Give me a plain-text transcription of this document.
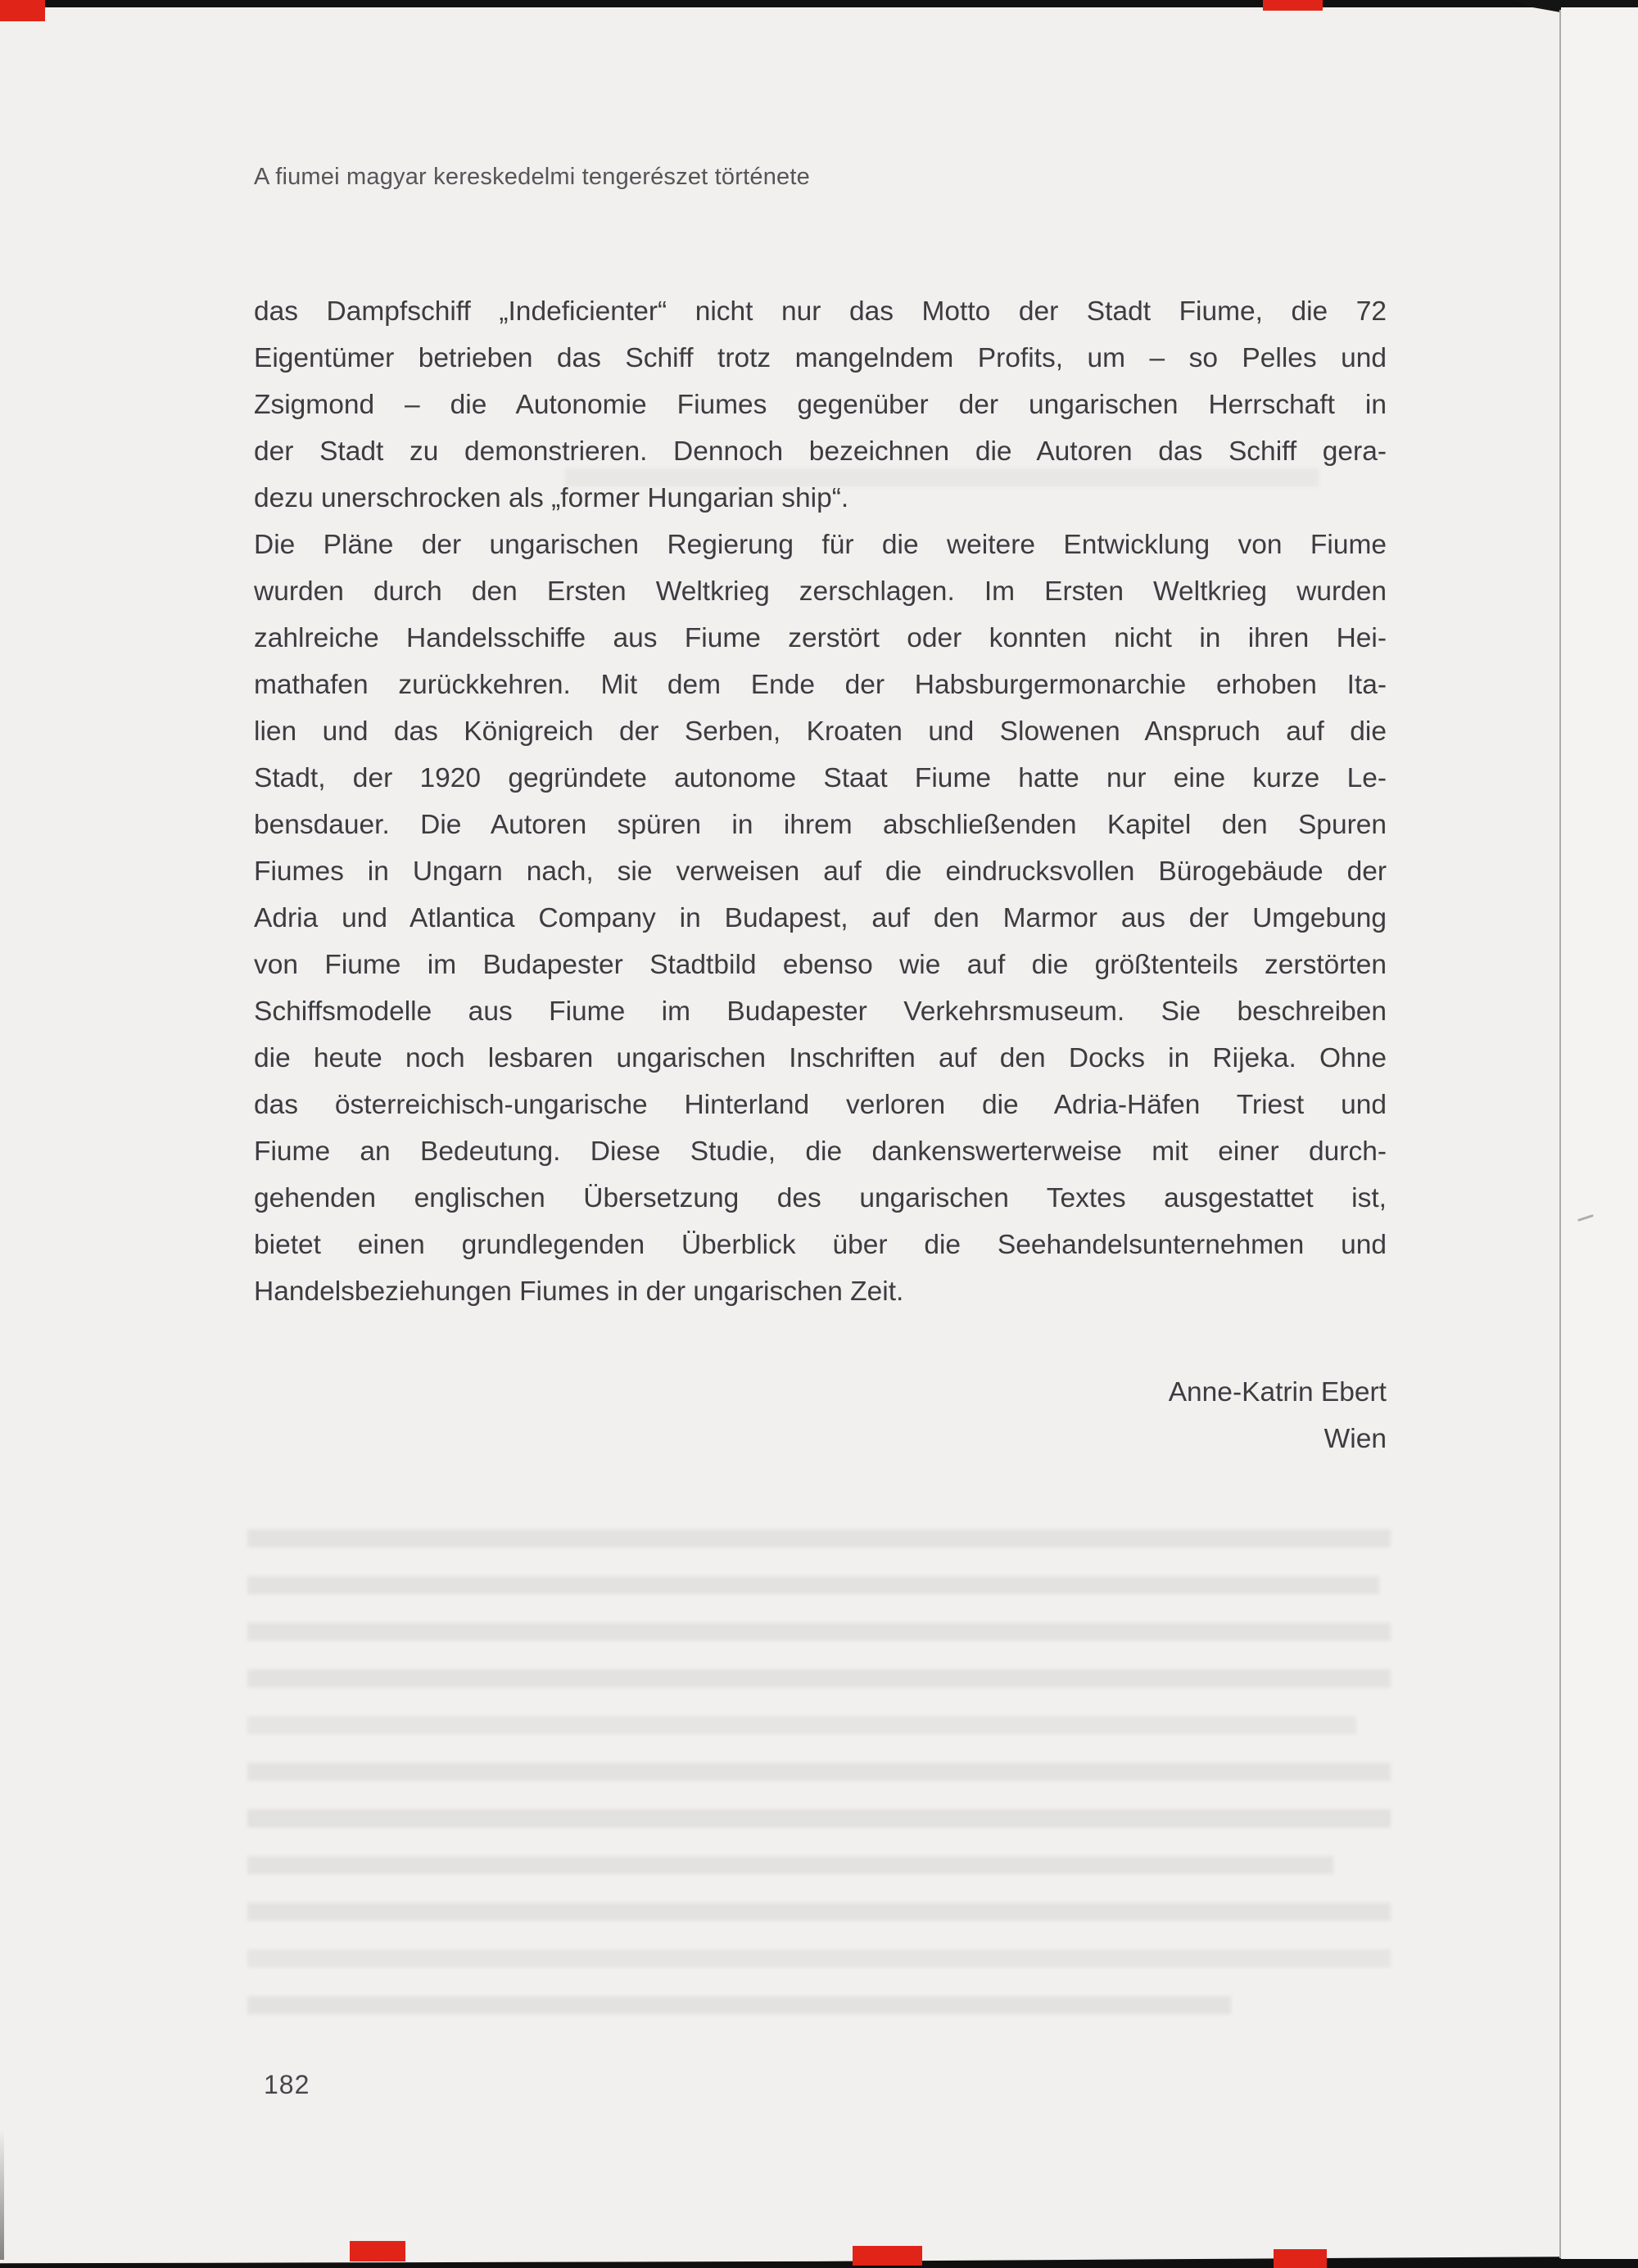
A fiumei magyar kereskedelmi tengerészet története
das Dampfschiff „Indeficienter“ nicht nur das Motto der Stadt Fiume, die 72
Eigentümer betrieben das Schiff trotz mangelndem Profits, um – so Pelles und
Zsigmond – die Autonomie Fiumes gegenüber der ungarischen Herrschaft in
der Stadt zu demonstrieren. Dennoch bezeichnen die Autoren das Schiff gera-
dezu unerschrocken als „former Hungarian ship“.
Die Pläne der ungarischen Regierung für die weitere Entwicklung von Fiume
wurden durch den Ersten Weltkrieg zerschlagen. Im Ersten Weltkrieg wurden
zahlreiche Handelsschiffe aus Fiume zerstört oder konnten nicht in ihren Hei-
mathafen zurückkehren. Mit dem Ende der Habsburgermonarchie erhoben Ita-
lien und das Königreich der Serben, Kroaten und Slowenen Anspruch auf die
Stadt, der 1920 gegründete autonome Staat Fiume hatte nur eine kurze Le-
bensdauer. Die Autoren spüren in ihrem abschließenden Kapitel den Spuren
Fiumes in Ungarn nach, sie verweisen auf die eindrucksvollen Bürogebäude der
Adria und Atlantica Company in Budapest, auf den Marmor aus der Umgebung
von Fiume im Budapester Stadtbild ebenso wie auf die größtenteils zerstörten
Schiffsmodelle aus Fiume im Budapester Verkehrsmuseum. Sie beschreiben
die heute noch lesbaren ungarischen Inschriften auf den Docks in Rijeka. Ohne
das österreichisch-ungarische Hinterland verloren die Adria-Häfen Triest und
Fiume an Bedeutung. Diese Studie, die dankenswerterweise mit einer durch-
gehenden englischen Übersetzung des ungarischen Textes ausgestattet ist,
bietet einen grundlegenden Überblick über die Seehandelsunternehmen und
Handelsbeziehungen Fiumes in der ungarischen Zeit.
Anne-Katrin Ebert
Wien
182
